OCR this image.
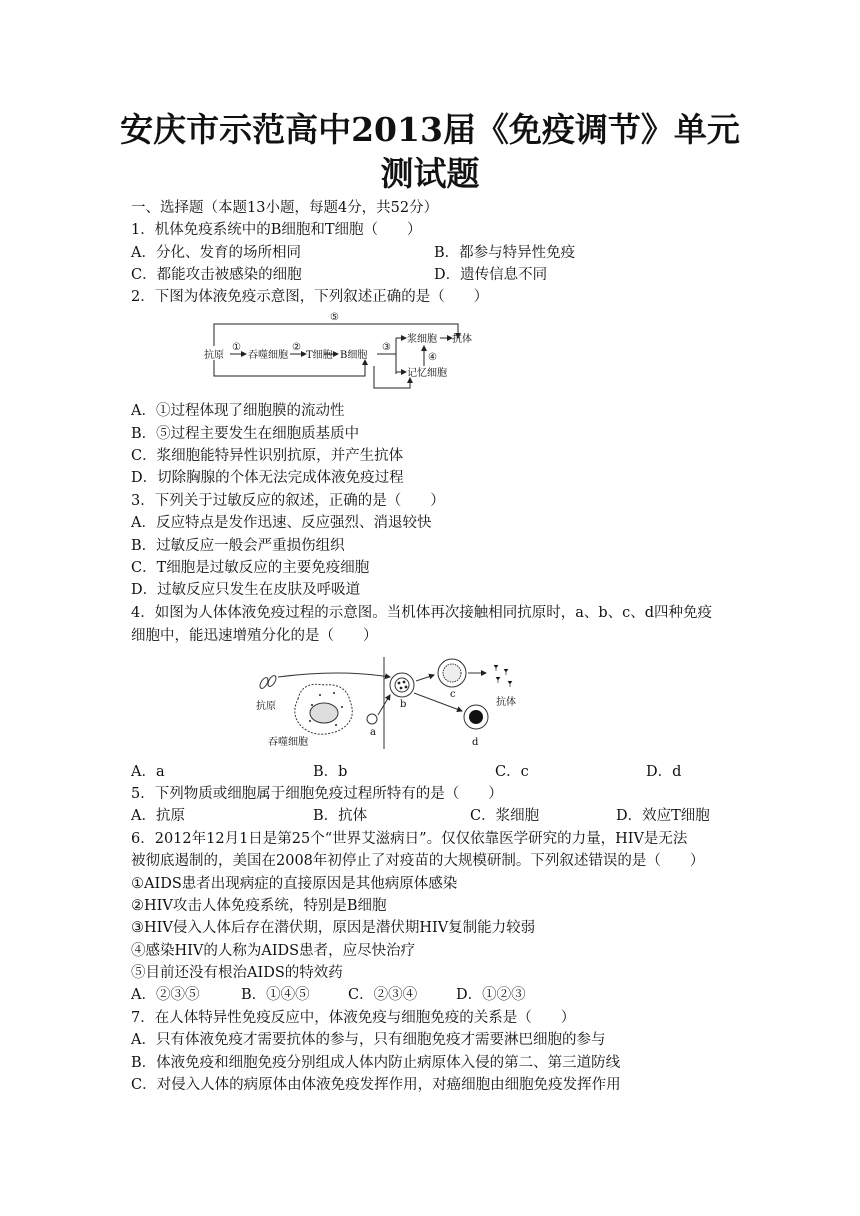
安庆市示范高中2013届《免疫调节》单元
测试题
一、选择题（本题13小题，每题4分，共52分）
1．机体免疫系统中的B细胞和T细胞（　　）
A．分化、发育的场所相同	B．都参与特异性免疫
C．都能攻击被感染的细胞	D．遗传信息不同
2．下图为体液免疫示意图，下列叙述正确的是（　　）
抗原 吞噬细胞 T细胞 B细胞
浆细胞 抗体
记忆细胞
①	②	③
④
⑤
A．①过程体现了细胞膜的流动性
B．⑤过程主要发生在细胞质基质中
C．浆细胞能特异性识别抗原，并产生抗体
D．切除胸腺的个体无法完成体液免疫过程
3．下列关于过敏反应的叙述，正确的是（　　）
A．反应特点是发作迅速、反应强烈、消退较快
B．过敏反应一般会严重损伤组织
C．T细胞是过敏反应的主要免疫细胞
D．过敏反应只发生在皮肤及呼吸道
4．如图为人体体液免疫过程的示意图。当机体再次接触相同抗原时，a、b、c、d四种免疫
细胞中，能迅速增殖分化的是（　　）
抗原
吞噬细胞
抗体
a
b
c
d
A．a	B．b	C．c	D．d
5．下列物质或细胞属于细胞免疫过程所特有的是（　　）
A．抗原	B．抗体	C．浆细胞	D．效应T细胞
6．2012年12月1日是第25个“世界艾滋病日”。仅仅依靠医学研究的力量，HIV是无法
被彻底遏制的，美国在2008年初停止了对疫苗的大规模研制。下列叙述错误的是（　　）
①AIDS患者出现病症的直接原因是其他病原体感染
②HIV攻击人体免疫系统，特别是B细胞
③HIV侵入人体后存在潜伏期，原因是潜伏期HIV复制能力较弱
④感染HIV的人称为AIDS患者，应尽快治疗
⑤目前还没有根治AIDS的特效药
A．②③⑤	B．①④⑤	C．②③④	D．①②③
7．在人体特异性免疫反应中，体液免疫与细胞免疫的关系是（　　）
A．只有体液免疫才需要抗体的参与，只有细胞免疫才需要淋巴细胞的参与
B．体液免疫和细胞免疫分别组成人体内防止病原体入侵的第二、第三道防线
C．对侵入人体的病原体由体液免疫发挥作用，对癌细胞由细胞免疫发挥作用
